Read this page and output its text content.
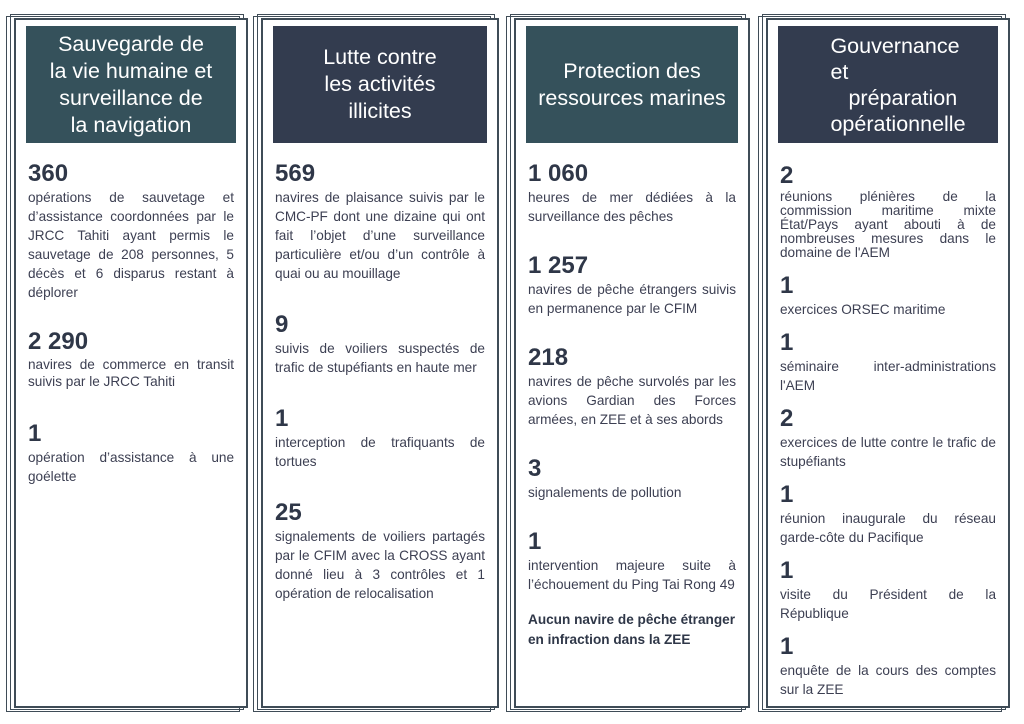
Sauvegarde de
la vie humaine et
surveillance de
la navigation
360
opérations de sauvetage et d’assistance coordonnées par le JRCC Tahiti ayant permis le sauvetage de 208 personnes, 5 décès et 6 disparus restant à déplorer
2 290
navires de commerce en transit suivis par le JRCC Tahiti
1
opération d’assistance à une goélette
Lutte contre
les activités
illicites
569
navires de plaisance suivis par le CMC-PF dont une dizaine qui ont fait l’objet d’une surveillance particulière et/ou d’un contrôle à quai ou au mouillage
9
suivis de voiliers suspectés de trafic de stupéfiants en haute mer
1
interception de trafiquants de tortues
25
signalements de voiliers partagés par le CFIM avec la CROSS ayant donné lieu à 3 contrôles et 1 opération de relocalisation
Protection des
ressources marines
1 060
heures de mer dédiées à la surveillance des pêches
1 257
navires de pêche étrangers suivis en permanence par le CFIM
218
navires de pêche survolés par les avions Gardian des Forces armées, en ZEE et à ses abords
3
signalements de pollution
1
intervention majeure suite à l’échouement du Ping Tai Rong 49
Aucun navire de pêche étranger en infraction dans la ZEE
Gouvernance
et
préparation
opérationnelle
2
réunions plénières de la commission maritime mixte État/Pays ayant abouti à de nombreuses mesures dans le domaine de l'AEM
1
exercices ORSEC maritime
1
séminaire inter-administrations l'AEM
2
exercices de lutte contre le trafic de stupéfiants
1
réunion inaugurale du réseau garde-côte du Pacifique
1
visite du Président de la République
1
enquête de la cours des comptes sur la ZEE
